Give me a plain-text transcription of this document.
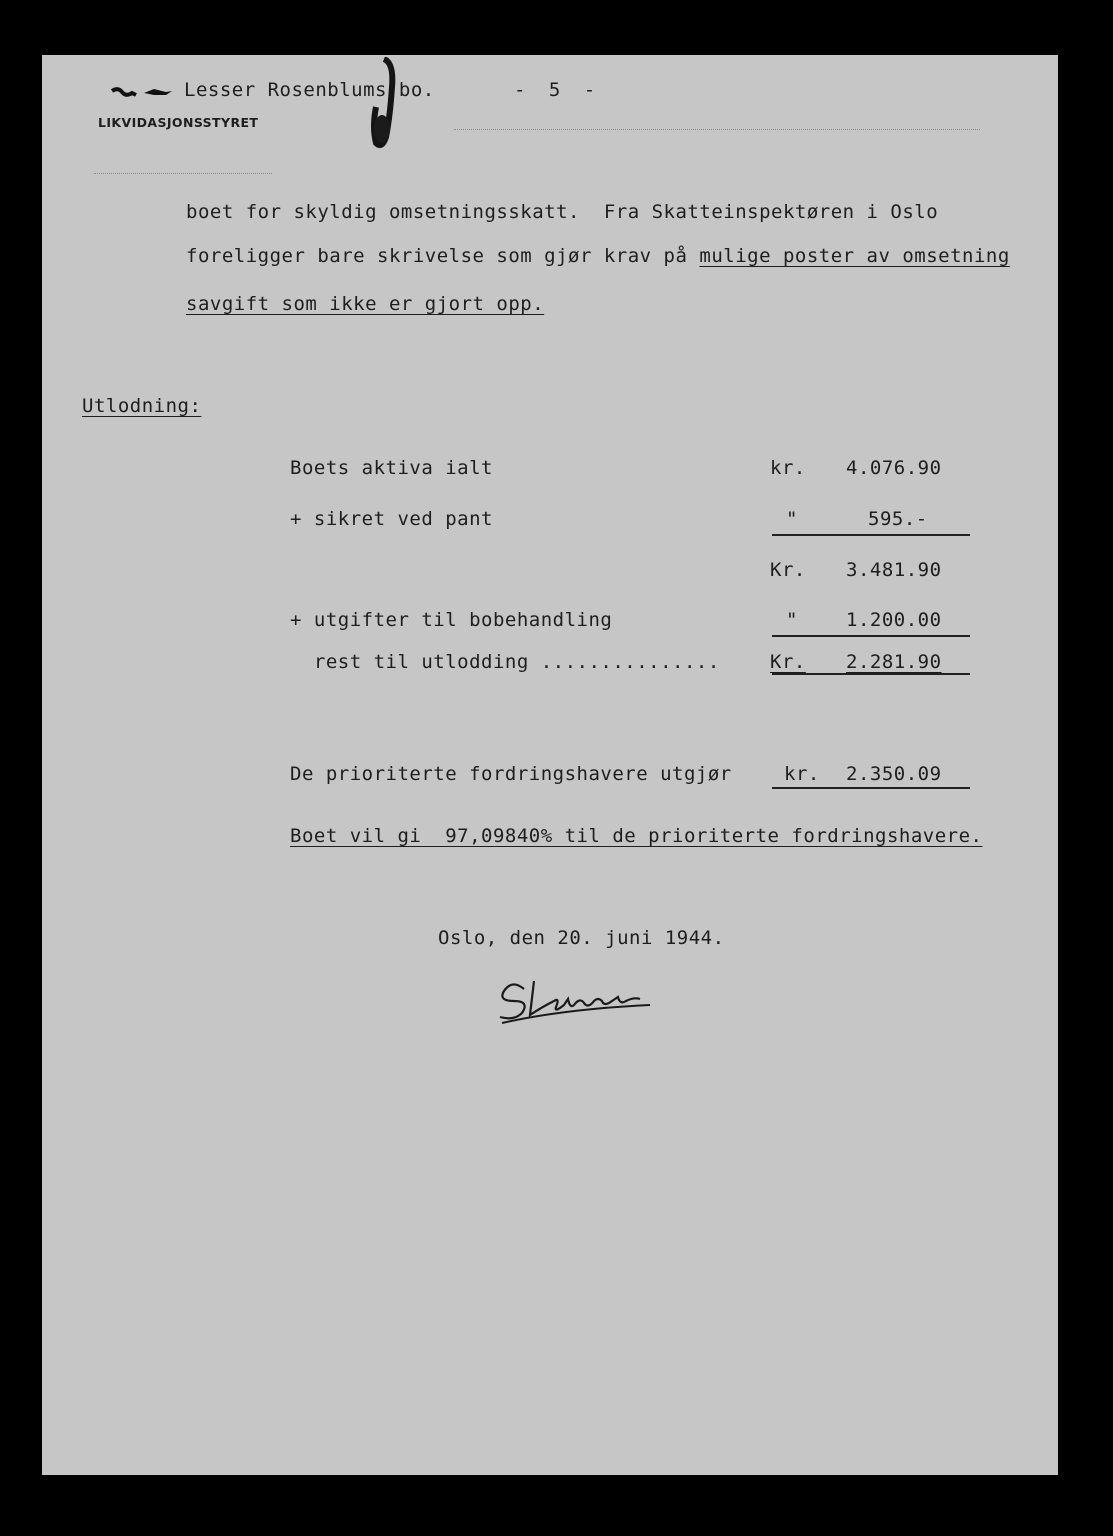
Lesser Rosenblums bo.	- 5 -
LIKVIDASJONSSTYRET
boet for skyldig omsetningsskatt.  Fra Skatteinspektøren i Oslo
foreligger bare skrivelse som gjør krav på mulige poster av omsetning
savgift som ikke er gjort opp.
Utlodning:
Boets aktiva ialt	kr. 4.076.90
+ sikret ved pant	"	595.-
Kr. 3.481.90
+ utgifter til bobehandling	"	1.200.00
rest til utlodding ...............	Kr. 2.281.90
De prioriterte fordringshavere utgjør	kr. 2.350.09
Boet vil gi  97,09840% til de prioriterte fordringshavere.
Oslo, den 20. juni 1944.
